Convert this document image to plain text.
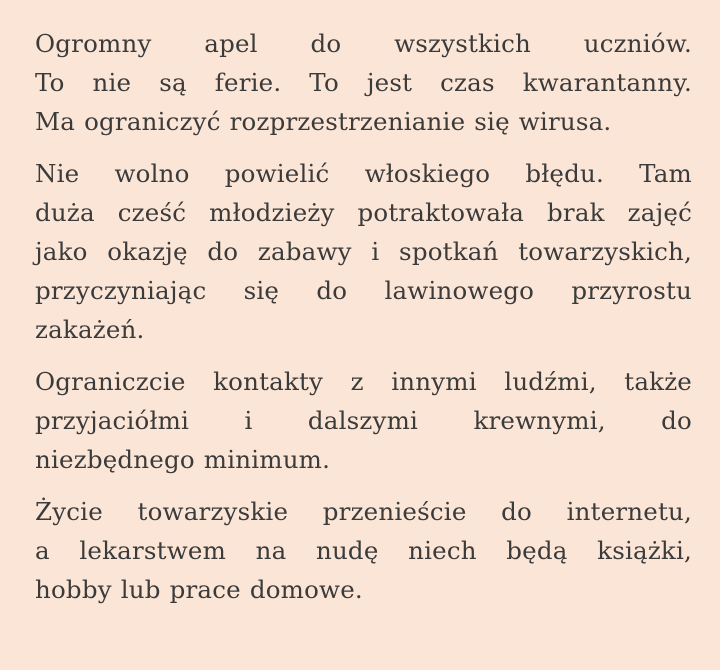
Ogromny apel do wszystkich uczniów.
To nie są ferie. To jest czas kwarantanny.
Ma ograniczyć rozprzestrzenianie się wirusa.

Nie wolno powielić włoskiego błędu. Tam
duża cześć młodzieży potraktowała brak zajęć
jako okazję do zabawy i spotkań towarzyskich,
przyczyniając się do lawinowego przyrostu
zakażeń.

Ograniczcie kontakty z innymi ludźmi, także
przyjaciółmi i dalszymi krewnymi, do
niezbędnego minimum.

Życie towarzyskie przenieście do internetu,
a lekarstwem na nudę niech będą książki,
hobby lub prace domowe.
